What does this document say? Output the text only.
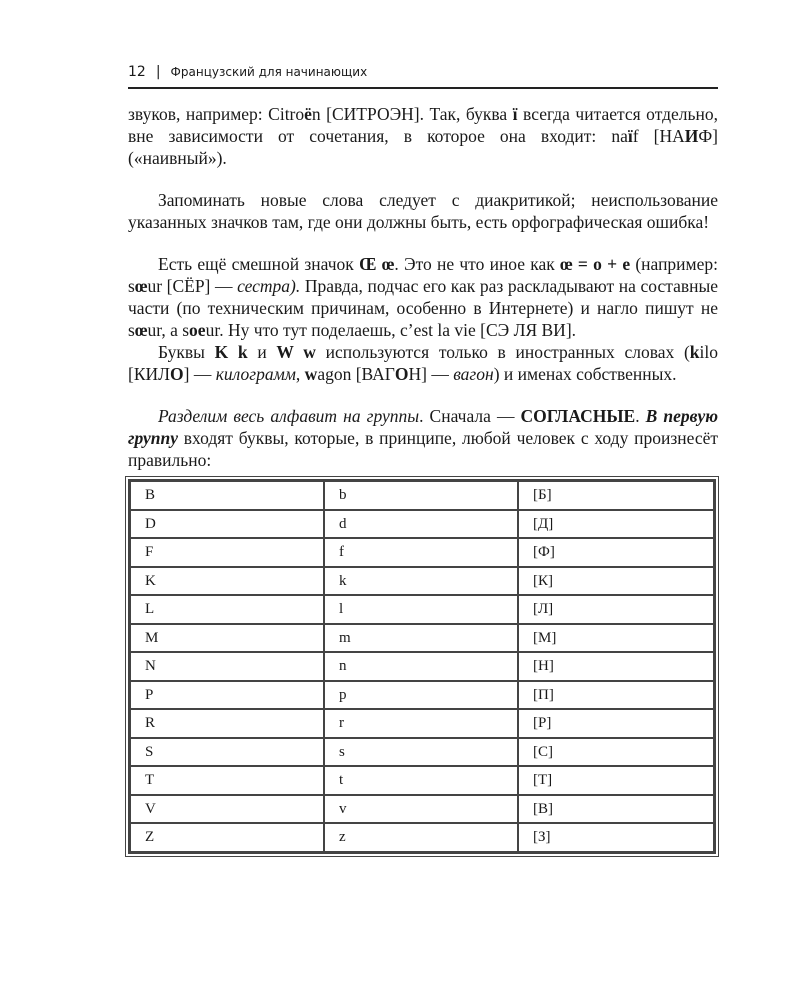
12 | Французский для начинающих

звуков, например: Citroën [СИТРОЭН]. Так, буква ï всегда читается отдельно, вне зависимости от сочетания, в которое она входит: naïf [НАИФ] («наивный»).

Запоминать новые слова следует с диакритикой; неиспользование указанных значков там, где они должны быть, есть орфографическая ошибка!

Есть ещё смешной значок Œ œ. Это не что иное как œ = o + e (например: sœur [СЁР] — сестра). Правда, подчас его как раз раскладывают на составные части (по техническим причинам, особенно в Интернете) и нагло пишут не sœur, а soeur. Ну что тут поделаешь, c’est la vie [СЭ ЛЯ ВИ].

Буквы K k и W w используются только в иностранных словах (kilo [КИЛО] — килограмм, wagon [ВАГОН] — вагон) и именах собственных.

Разделим весь алфавит на группы. Сначала — СОГЛАСНЫЕ. В первую группу входят буквы, которые, в принципе, любой человек с ходу произнесёт правильно:

B	b	[Б]
D	d	[Д]
F	f	[Ф]
K	k	[К]
L	l	[Л]
M	m	[М]
N	n	[Н]
P	p	[П]
R	r	[Р]
S	s	[С]
T	t	[Т]
V	v	[В]
Z	z	[З]
